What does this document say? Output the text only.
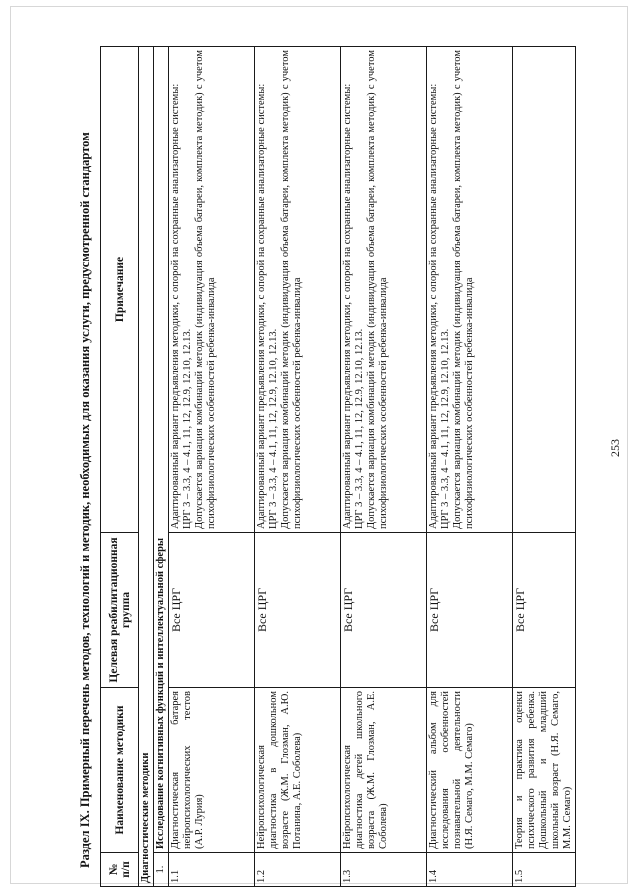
253
Раздел IX. Примерный перечень методов, технологий и методик, необходимых для оказания услуги, предусмотренной стандартом
№
п/п	Наименование методики	Целевая реабилитационная группа	Примечание
Диагностические методики			
1.	Исследование когнитивных функций и интеллектуальной сферы		
1.1	Диагностическая батарея нейропсихологических тестов (А.Р. Лурия)	Все ЦРГ	Адаптированный вариант предъявления методики, с опорой на сохранные анализаторные системы: ЦРГ 3 – 3.3, 4 – 4.1, 11, 12, 12.9, 12.10, 12.13. Допускается вариация комбинаций методик (индивидуация объема батареи, комплекта методик) с учетом психофизиологических особенностей ребенка-инвалида

1.2	Нейропсихологическая диагностика в дошкольном возрасте (Ж.М. Глозман, А.Ю. Потанина, А.Е. Соболева)	Все ЦРГ	Адаптированный вариант предъявления методики, с опорой на сохранные анализаторные системы: ЦРГ 3 – 3.3, 4 – 4.1, 11, 12, 12.9, 12.10, 12.13. Допускается вариация комбинаций методик (индивидуация объема батареи, комплекта методик) с учетом психофизиологических особенностей ребенка-инвалида

1.3	Нейропсихологическая диагностика детей школьного возраста (Ж.М. Глозман, А.Е. Соболева)	Все ЦРГ	Адаптированный вариант предъявления методики, с опорой на сохранные анализаторные системы: ЦРГ 3 – 3.3, 4 – 4.1, 11, 12, 12.9, 12.10, 12.13. Допускается вариация комбинаций методик (индивидуация объема батареи, комплекта методик) с учетом психофизиологических особенностей ребенка-инвалида

1.4	Диагностический альбом для исследования особенностей познавательной деятельности (Н.Я. Семаго, М.М. Семаго)	Все ЦРГ	Адаптированный вариант предъявления методики, с опорой на сохранные анализаторные системы: ЦРГ 3 – 3.3, 4 – 4.1, 11, 12, 12.9, 12.10, 12.13. Допускается вариация комбинаций методик (индивидуация объема батареи, комплекта методик) с учетом психофизиологических особенностей ребенка-инвалида

1.5	Теория и практика оценки психического развития ребенка. Дошкольный и младший школьный возраст (Н.Я. Семаго, М.М. Семаго)	Все ЦРГ	
